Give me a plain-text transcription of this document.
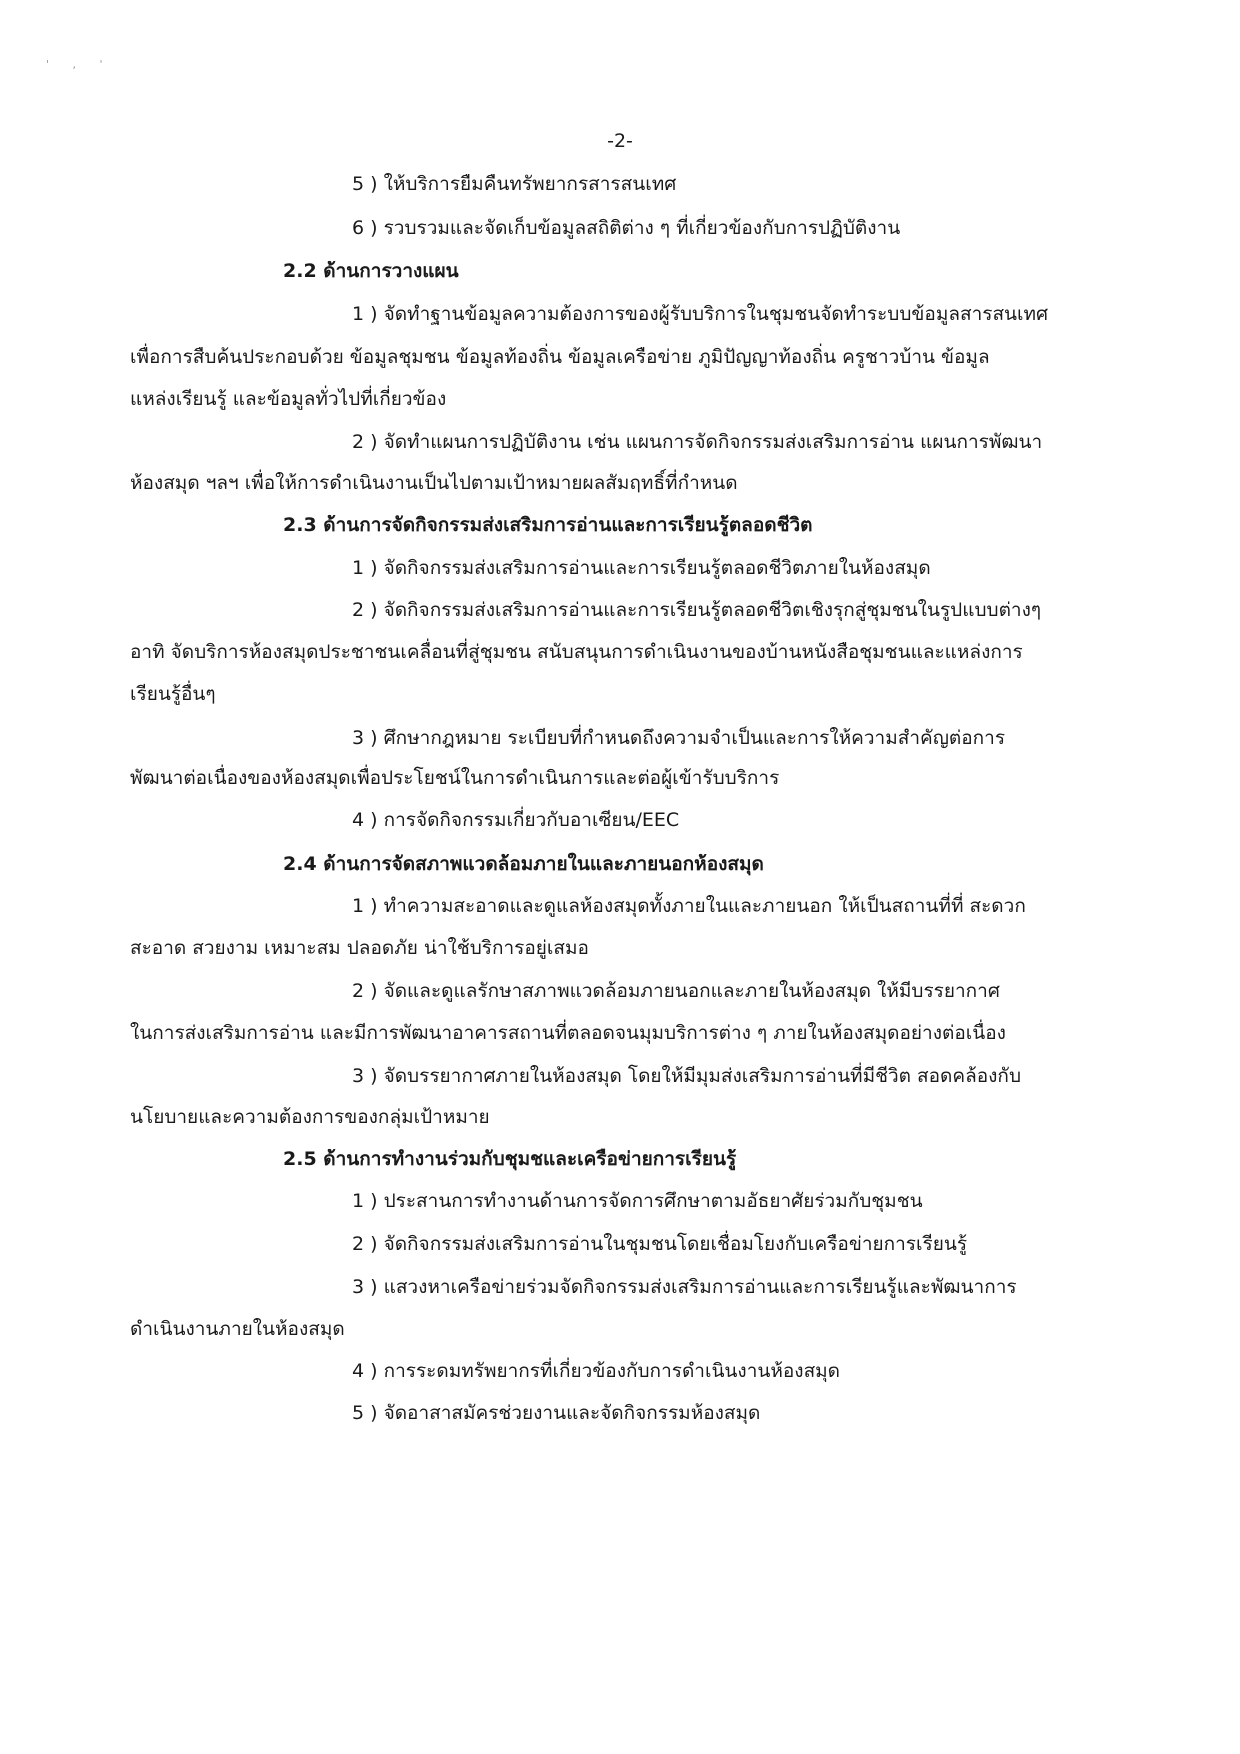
' , '
-2-
5 ) ให้บริการยืมคืนทรัพยากรสารสนเทศ
6 ) รวบรวมและจัดเก็บข้อมูลสถิติต่าง ๆ ที่เกี่ยวข้องกับการปฏิบัติงาน
2.2 ด้านการวางแผน
1 ) จัดทำฐานข้อมูลความต้องการของผู้รับบริการในชุมชนจัดทำระบบข้อมูลสารสนเทศ
เพื่อการสืบค้นประกอบด้วย ข้อมูลชุมชน ข้อมูลท้องถิ่น ข้อมูลเครือข่าย ภูมิปัญญาท้องถิ่น ครูชาวบ้าน ข้อมูล
แหล่งเรียนรู้ และข้อมูลทั่วไปที่เกี่ยวข้อง
2 ) จัดทำแผนการปฏิบัติงาน เช่น แผนการจัดกิจกรรมส่งเสริมการอ่าน แผนการพัฒนา
ห้องสมุด ฯลฯ เพื่อให้การดำเนินงานเป็นไปตามเป้าหมายผลสัมฤทธิ์ที่กำหนด
2.3 ด้านการจัดกิจกรรมส่งเสริมการอ่านและการเรียนรู้ตลอดชีวิต
1 ) จัดกิจกรรมส่งเสริมการอ่านและการเรียนรู้ตลอดชีวิตภายในห้องสมุด
2 ) จัดกิจกรรมส่งเสริมการอ่านและการเรียนรู้ตลอดชีวิตเชิงรุกสู่ชุมชนในรูปแบบต่างๆ
อาทิ จัดบริการห้องสมุดประชาชนเคลื่อนที่สู่ชุมชน สนับสนุนการดำเนินงานของบ้านหนังสือชุมชนและแหล่งการ
เรียนรู้อื่นๆ
3 ) ศึกษากฎหมาย ระเบียบที่กำหนดถึงความจำเป็นและการให้ความสำคัญต่อการ
พัฒนาต่อเนื่องของห้องสมุดเพื่อประโยชน์ในการดำเนินการและต่อผู้เข้ารับบริการ
4 ) การจัดกิจกรรมเกี่ยวกับอาเซียน/EEC
2.4 ด้านการจัดสภาพแวดล้อมภายในและภายนอกห้องสมุด
1 ) ทำความสะอาดและดูแลห้องสมุดทั้งภายในและภายนอก ให้เป็นสถานที่ที่ สะดวก
สะอาด สวยงาม เหมาะสม ปลอดภัย น่าใช้บริการอยู่เสมอ
2 ) จัดและดูแลรักษาสภาพแวดล้อมภายนอกและภายในห้องสมุด ให้มีบรรยากาศ
ในการส่งเสริมการอ่าน และมีการพัฒนาอาคารสถานที่ตลอดจนมุมบริการต่าง ๆ ภายในห้องสมุดอย่างต่อเนื่อง
3 ) จัดบรรยากาศภายในห้องสมุด โดยให้มีมุมส่งเสริมการอ่านที่มีชีวิต สอดคล้องกับ
นโยบายและความต้องการของกลุ่มเป้าหมาย
2.5 ด้านการทำงานร่วมกับชุมชและเครือข่ายการเรียนรู้
1 ) ประสานการทำงานด้านการจัดการศึกษาตามอัธยาศัยร่วมกับชุมชน
2 ) จัดกิจกรรมส่งเสริมการอ่านในชุมชนโดยเชื่อมโยงกับเครือข่ายการเรียนรู้
3 ) แสวงหาเครือข่ายร่วมจัดกิจกรรมส่งเสริมการอ่านและการเรียนรู้และพัฒนาการ
ดำเนินงานภายในห้องสมุด
4 ) การระดมทรัพยากรที่เกี่ยวข้องกับการดำเนินงานห้องสมุด
5 ) จัดอาสาสมัครช่วยงานและจัดกิจกรรมห้องสมุด
